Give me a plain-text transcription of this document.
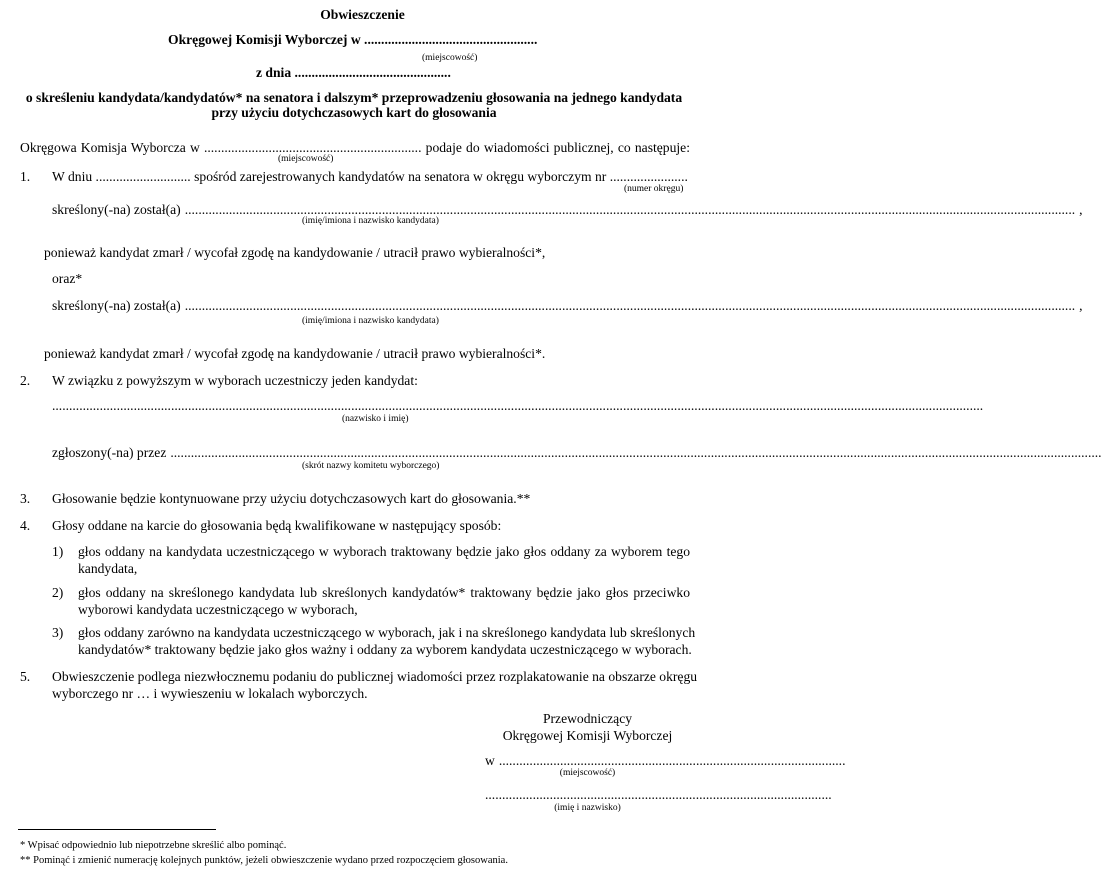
Obwieszczenie
Okręgowej Komisji Wyborczej w ...................................................
(miejscowość)
z dnia ..............................................
o skreśleniu kandydata/kandydatów* na senatora i dalszym* przeprowadzeniu głosowania na jednego kandydata
przy użyciu dotychczasowych kart do głosowania
Okręgowa Komisja Wyborcza w ................................................................ podaje do wiadomości publicznej, co następuje:
(miejscowość)
1. W dniu ............................ spośród zarejestrowanych kandydatów na senatora w okręgu wyborczym nr .......................
(numer okręgu)
skreślony(-na) został(a) ...................................................................................................................................................................................................................................................................... ,
(imię/imiona i nazwisko kandydata)
ponieważ kandydat zmarł / wycofał zgodę na kandydowanie / utracił prawo wybieralności*,
oraz*
skreślony(-na) został(a) ...................................................................................................................................................................................................................................................................... ,
(imię/imiona i nazwisko kandydata)
ponieważ kandydat zmarł / wycofał zgodę na kandydowanie / utracił prawo wybieralności*.
2. W związku z powyższym w wyborach uczestniczy jeden kandydat:
..................................................................................................................................................................................................................................................................................
(nazwisko i imię)
zgłoszony(-na) przez ..................................................................................................................................................................................................................................................................................
(skrót nazwy komitetu wyborczego)
3. Głosowanie będzie kontynuowane przy użyciu dotychczasowych kart do głosowania.**
4. Głosy oddane na karcie do głosowania będą kwalifikowane w następujący sposób:
1) głos oddany na kandydata uczestniczącego w wyborach traktowany będzie jako głos oddany za wyborem tego
kandydata,
2) głos oddany na skreślonego kandydata lub skreślonych kandydatów* traktowany będzie jako głos przeciwko
wyborowi kandydata uczestniczącego w wyborach,
3) głos oddany zarówno na kandydata uczestniczącego w wyborach, jak i na skreślonego kandydata lub skreślonych
kandydatów* traktowany będzie jako głos ważny i oddany za wyborem kandydata uczestniczącego w wyborach.
5. Obwieszczenie podlega niezwłocznemu podaniu do publicznej wiadomości przez rozplakatowanie na obszarze okręgu
wyborczego nr … i wywieszeniu w lokalach wyborczych.
Przewodniczący
Okręgowej Komisji Wyborczej
w ......................................................................................................
(miejscowość)
......................................................................................................
(imię i nazwisko)
* Wpisać odpowiednio lub niepotrzebne skreślić albo pominąć.
** Pominąć i zmienić numerację kolejnych punktów, jeżeli obwieszczenie wydano przed rozpoczęciem głosowania.
